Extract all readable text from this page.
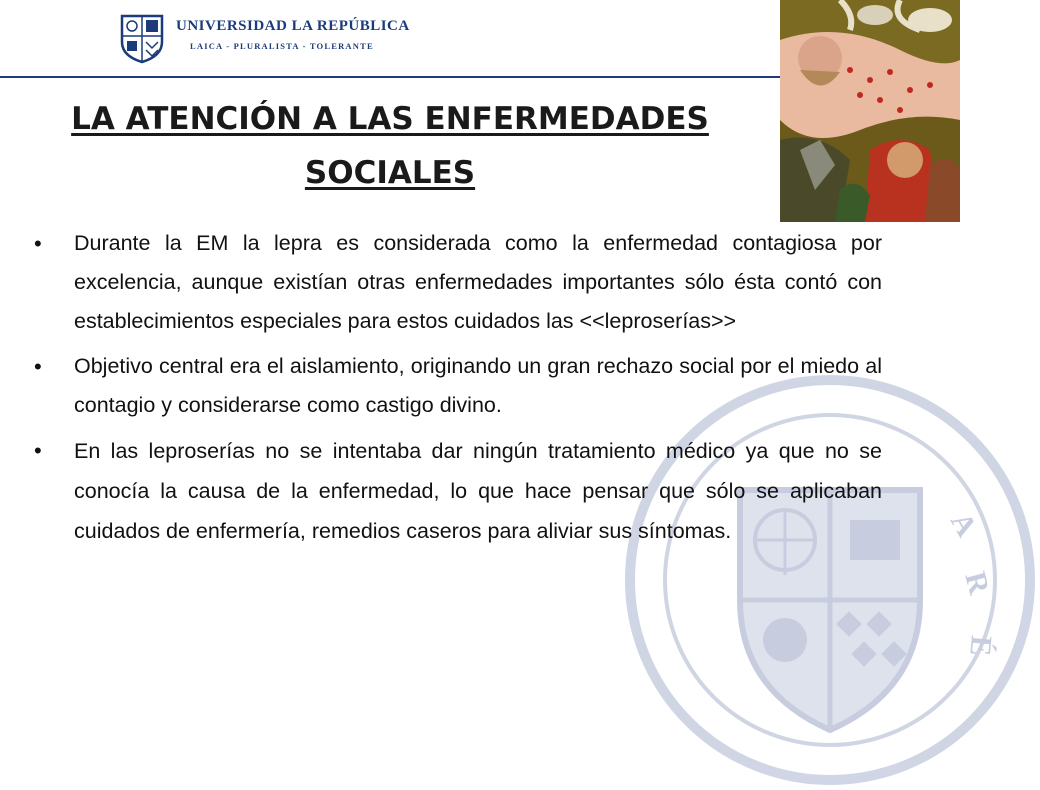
A
R
É
UNIVERSIDAD LA REPÚBLICA
LAICA - PLURALISTA - TOLERANTE
LA ATENCIÓN A LAS ENFERMEDADES
SOCIALES
• Durante la EM la lepra es considerada como la enfermedad contagiosa por excelencia, aunque existían otras enfermedades importantes sólo ésta contó con establecimientos especiales para estos cuidados las <<leproserías>>
• Objetivo central era el aislamiento, originando un gran rechazo social por el miedo al contagio y considerarse como castigo divino.
• En las leproserías no se intentaba dar ningún tratamiento médico ya que no se conocía la causa de la enfermedad, lo que hace pensar que sólo se aplicaban cuidados de enfermería, remedios caseros para aliviar sus síntomas.
